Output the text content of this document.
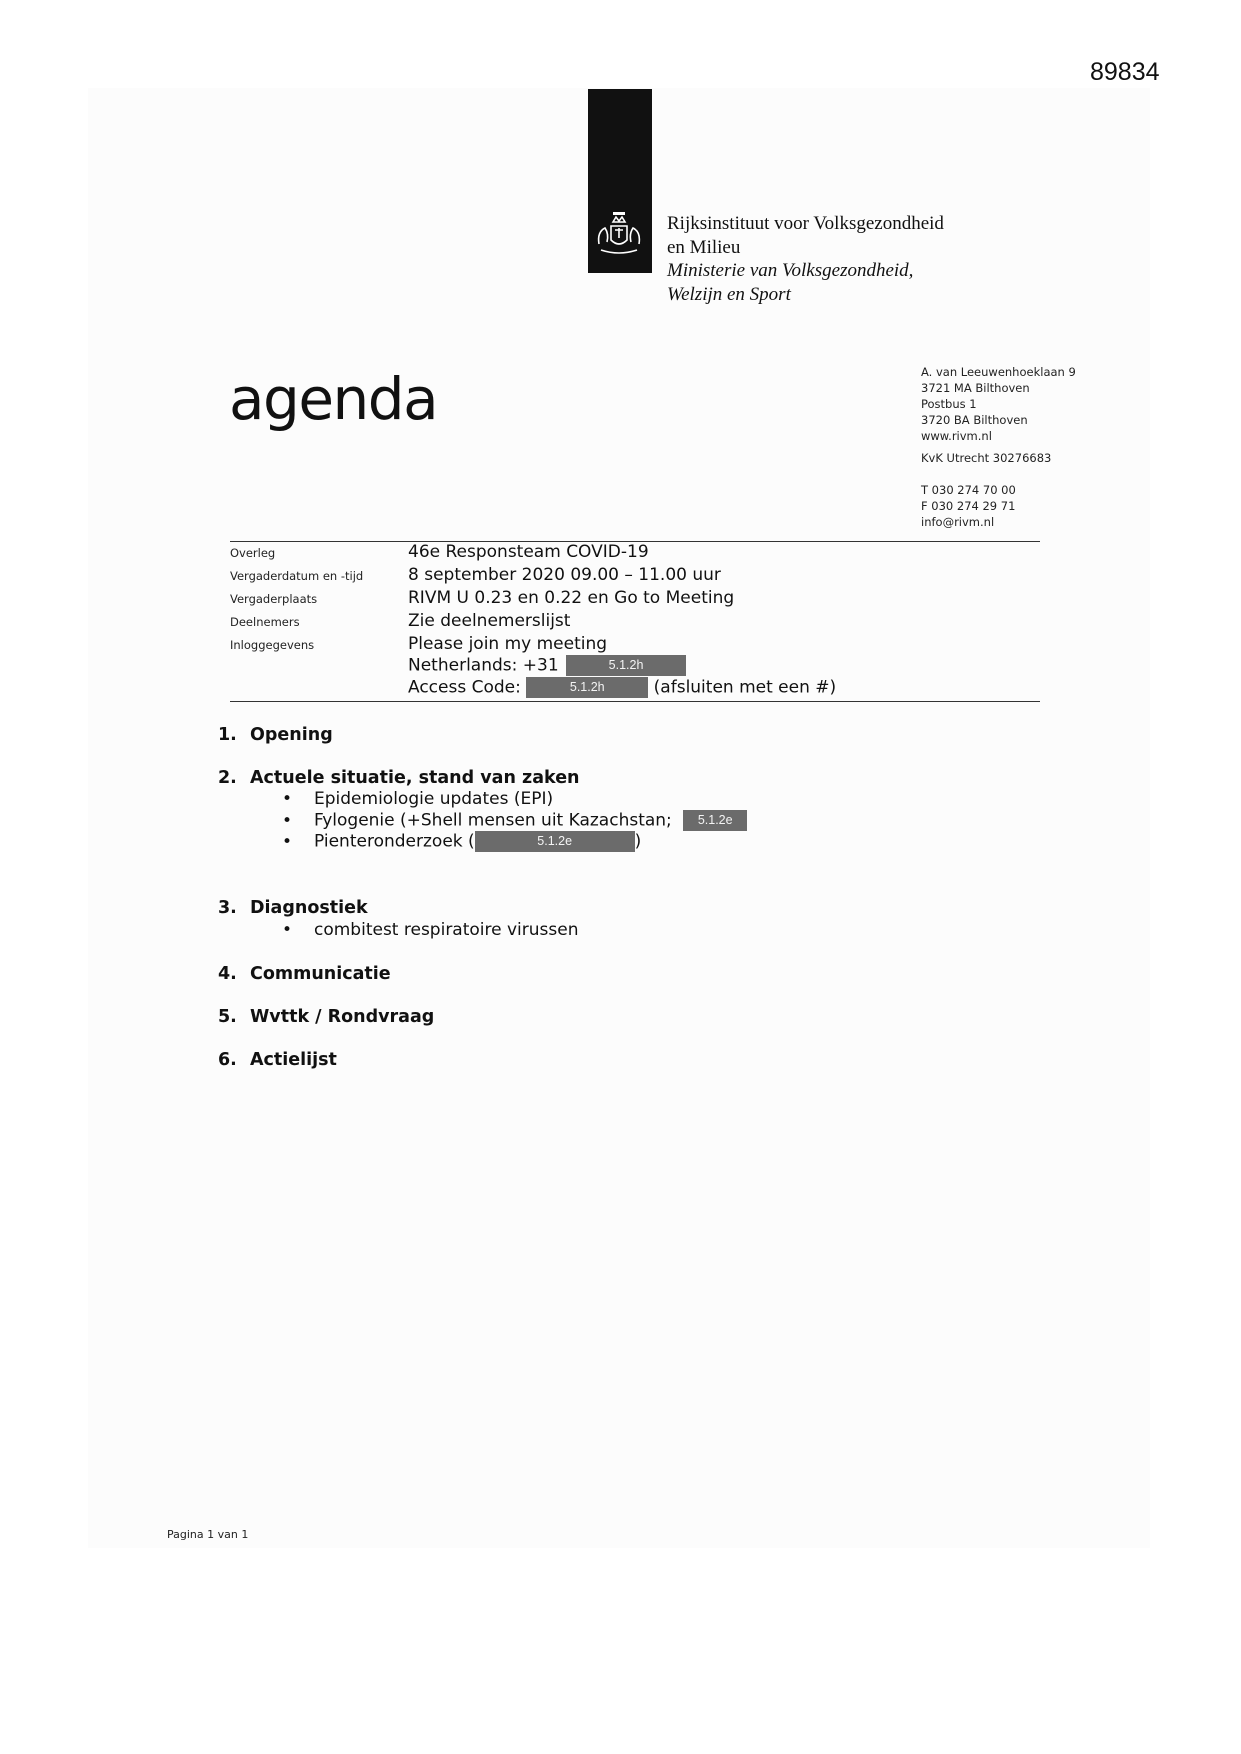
89834
Rijksinstituut voor Volksgezondheid
en Milieu
Ministerie van Volksgezondheid,
Welzijn en Sport
agenda	A. van Leeuwenhoeklaan 9
3721 MA Bilthoven
Postbus 1
3720 BA Bilthoven
www.rivm.nl
KvK Utrecht 30276683
T 030 274 70 00
F 030 274 29 71
info@rivm.nl
Overleg	46e Responsteam COVID-19
Vergaderdatum en -tijd	8 september 2020 09.00 – 11.00 uur
Vergaderplaats	RIVM U 0.23 en 0.22 en Go to Meeting
Deelnemers	Zie deelnemerslijst
Inloggegevens	Please join my meeting
Netherlands: +31	5.1.2h
Access Code:	5.1.2h	(afsluiten met een #)
1. Opening
2. Actuele situatie, stand van zaken
• Epidemiologie updates (EPI)
• Fylogenie (+Shell mensen uit Kazachstan; 5.1.2e
• Pienteronderzoek (	5.1.2e	)
3. Diagnostiek
• combitest respiratoire virussen
4. Communicatie
5. Wvttk / Rondvraag
6. Actielijst
Pagina 1 van 1
